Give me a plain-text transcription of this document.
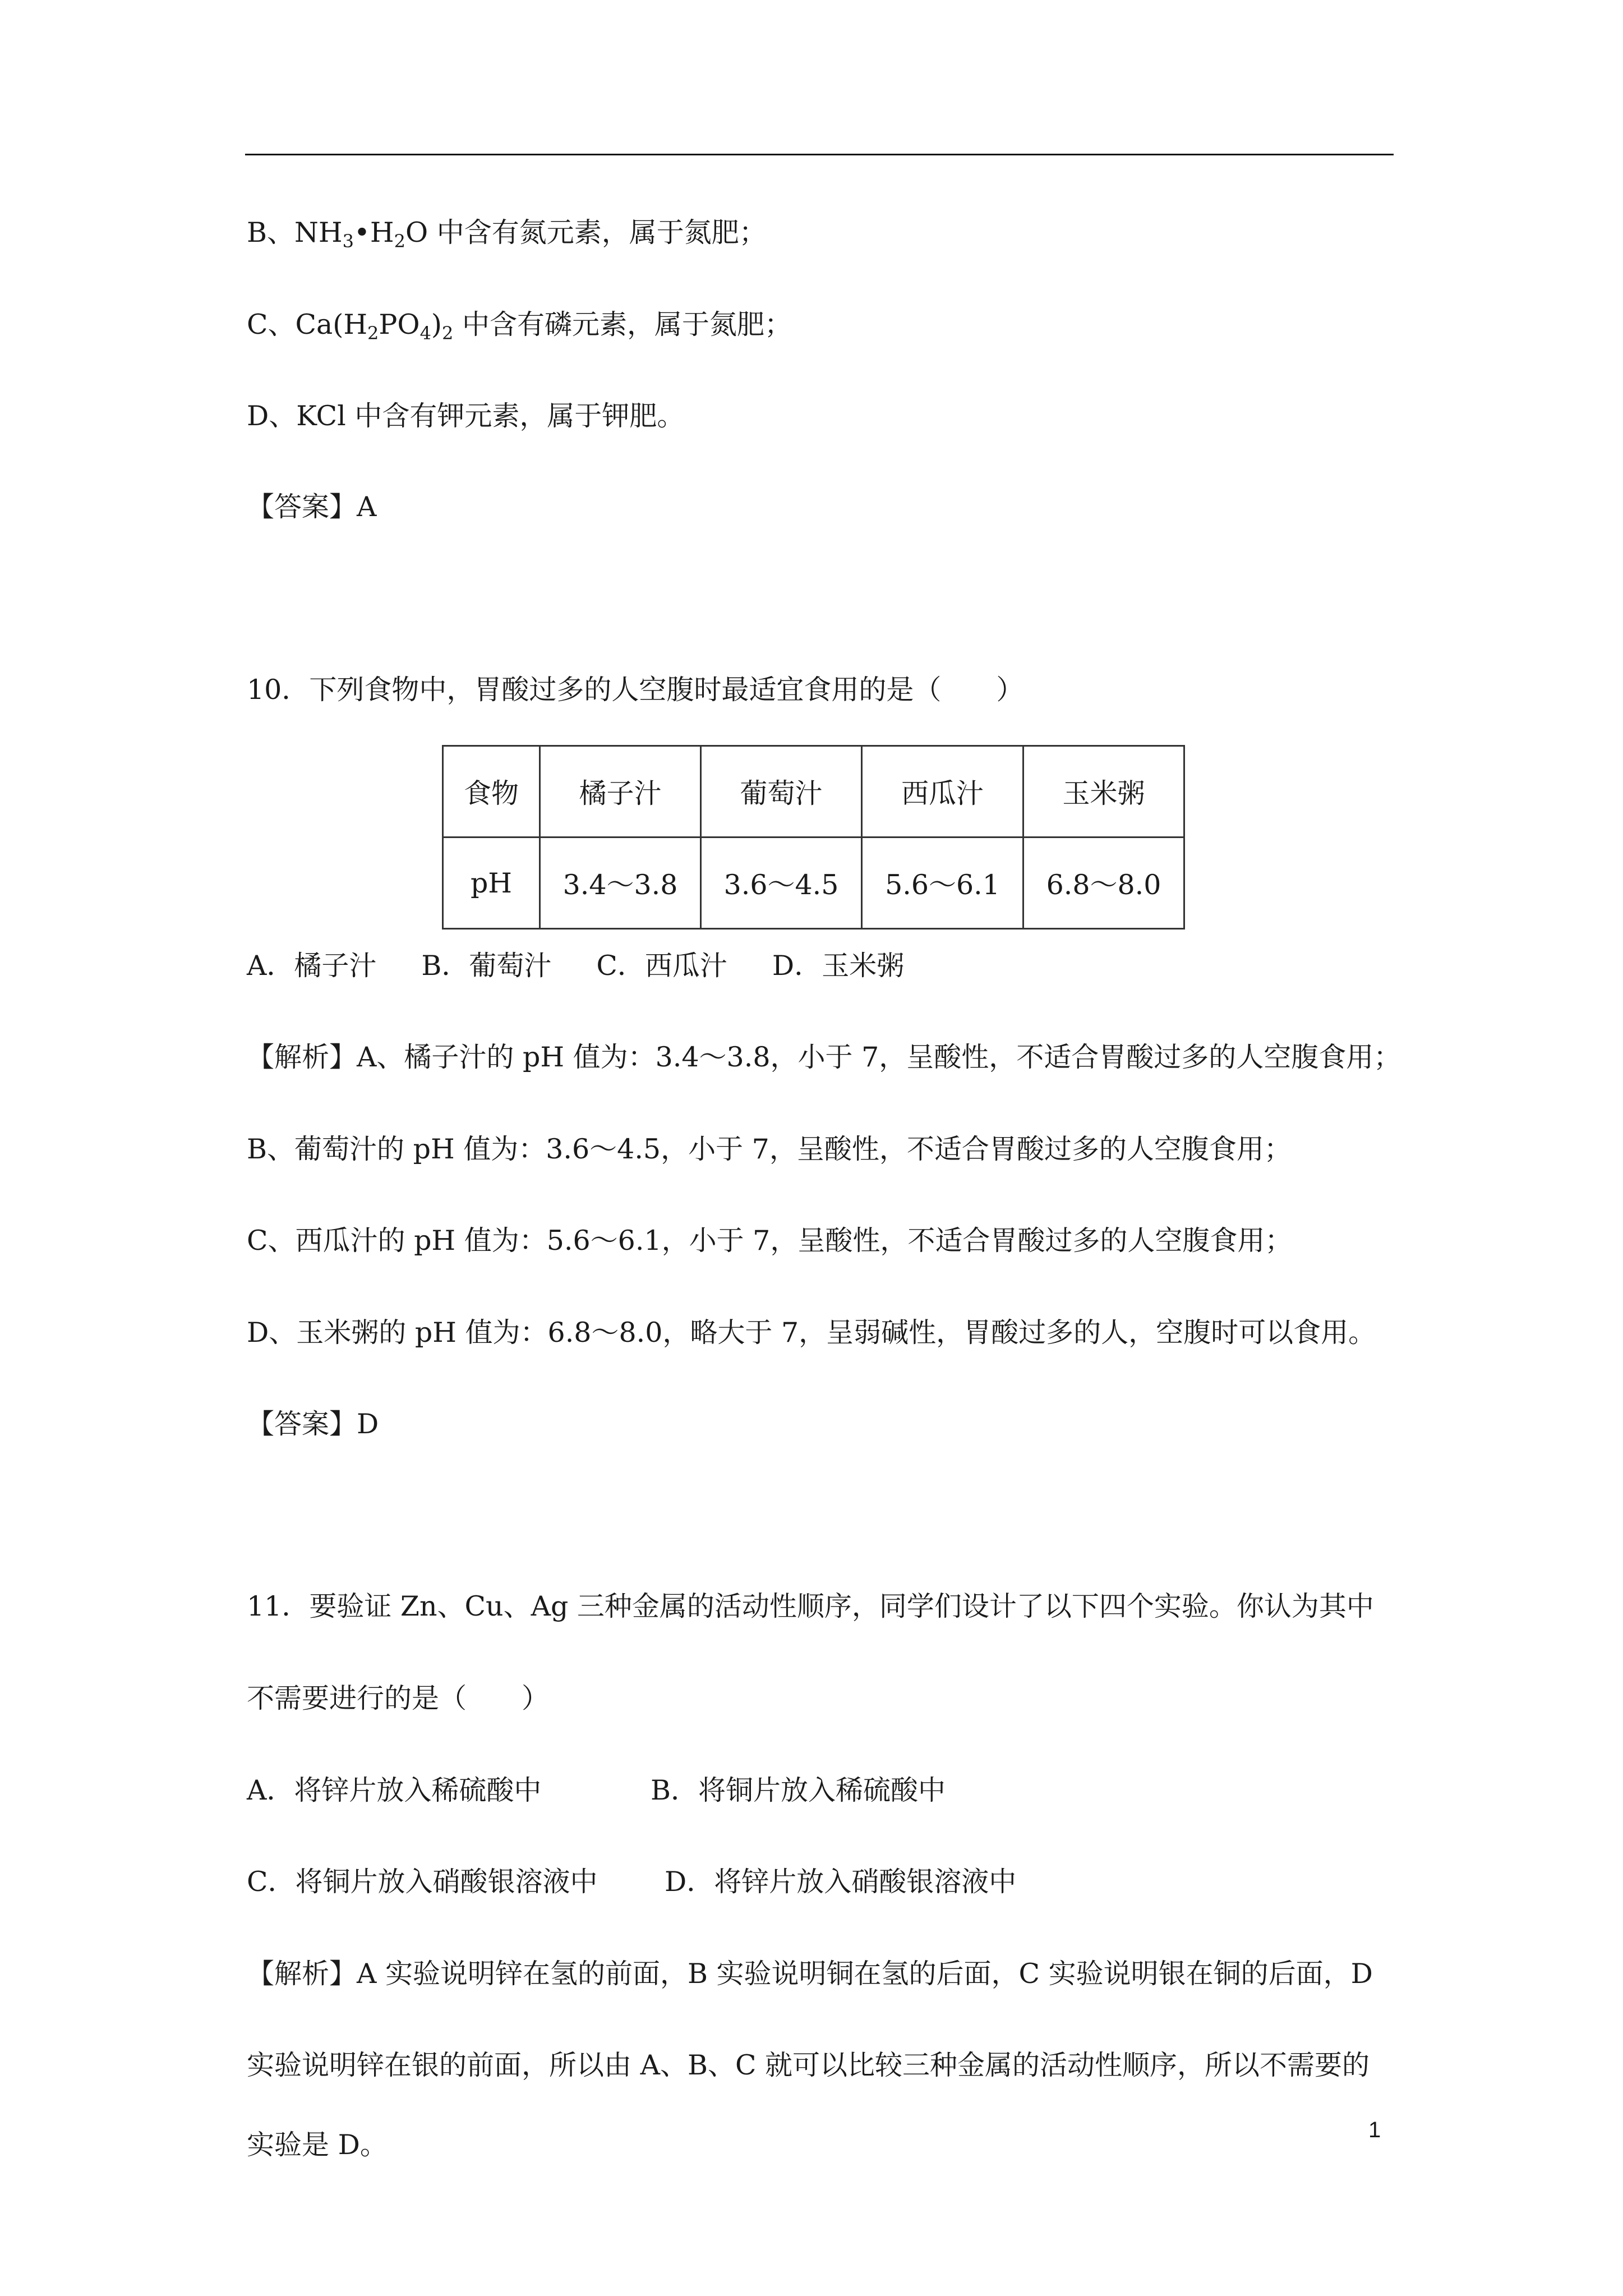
B、$NH_3•H_2O$ 中含有氮元素，属于氮肥；
C、$Ca(H_2PO_4)_2$ 中含有磷元素，属于氮肥；
D、KCl 中含有钾元素，属于钾肥。
【答案】A
10．下列食物中，胃酸过多的人空腹时最适宜食用的是（　　）
食物	橘子汁	葡萄汁	西瓜汁	玉米粥
pH	3.4～3.8	3.6～4.5	5.6～6.1	6.8～8.0
A．橘子汁 B．葡萄汁 C．西瓜汁 D．玉米粥
【解析】A、橘子汁的 pH 值为：3.4～3.8，小于 7，呈酸性，不适合胃酸过多的人空腹食用；
B、葡萄汁的 pH 值为：3.6～4.5，小于 7，呈酸性，不适合胃酸过多的人空腹食用；
C、西瓜汁的 pH 值为：5.6～6.1，小于 7，呈酸性，不适合胃酸过多的人空腹食用；
D、玉米粥的 pH 值为：6.8～8.0，略大于 7，呈弱碱性，胃酸过多的人，空腹时可以食用。
【答案】D
11．要验证 Zn、Cu、Ag 三种金属的活动性顺序，同学们设计了以下四个实验。你认为其中
不需要进行的是（　　）
A．将锌片放入稀硫酸中	B．将铜片放入稀硫酸中
C．将铜片放入硝酸银溶液中 D．将锌片放入硝酸银溶液中
【解析】A 实验说明锌在氢的前面，B 实验说明铜在氢的后面，C 实验说明银在铜的后面，D
实验说明锌在银的前面，所以由 A、B、C 就可以比较三种金属的活动性顺序，所以不需要的
实验是 D。	1
